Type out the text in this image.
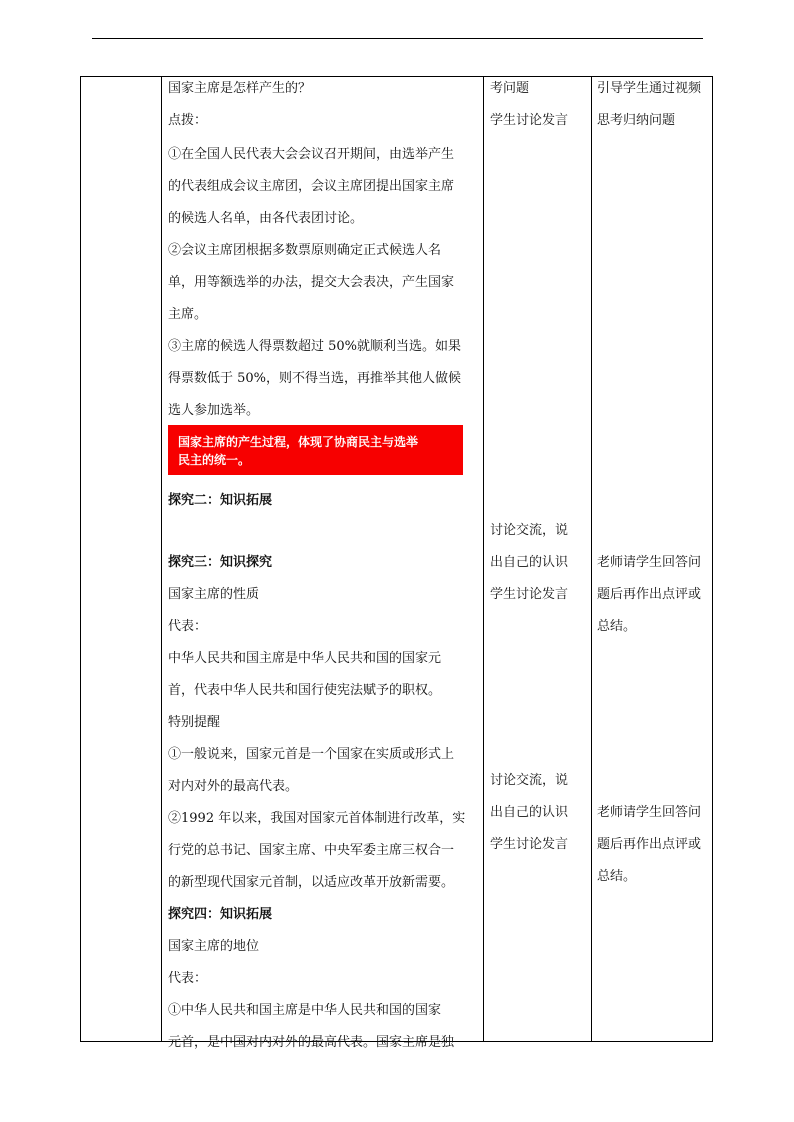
国家主席是怎样产生的？
点拨：
①在全国人民代表大会会议召开期间，由选举产生
的代表组成会议主席团，会议主席团提出国家主席
的候选人名单，由各代表团讨论。
②会议主席团根据多数票原则确定正式候选人名
单，用等额选举的办法，提交大会表决，产生国家
主席。
③主席的候选人得票数超过 50%就顺利当选。如果
得票数低于 50%，则不得当选，再推举其他人做候
选人参加选举。
探究二：知识拓展
探究三：知识探究
国家主席的性质
代表：
中华人民共和国主席是中华人民共和国的国家元
首，代表中华人民共和国行使宪法赋予的职权。
特别提醒
①一般说来，国家元首是一个国家在实质或形式上
对内对外的最高代表。
②1992 年以来，我国对国家元首体制进行改革，实
行党的总书记、国家主席、中央军委主席三权合一
的新型现代国家元首制，以适应改革开放新需要。
探究四：知识拓展
国家主席的地位
代表：
①中华人民共和国主席是中华人民共和国的国家
元首，是中国对内对外的最高代表。国家主席是独
考问题
学生讨论发言
讨论交流，说
出自己的认识
学生讨论发言
讨论交流，说
出自己的认识
学生讨论发言
引导学生通过视频
思考归纳问题
老师请学生回答问
题后再作出点评或
总结。
老师请学生回答问
题后再作出点评或
总结。
国家主席的产生过程，体现了协商民主与选举
民主的统一。
